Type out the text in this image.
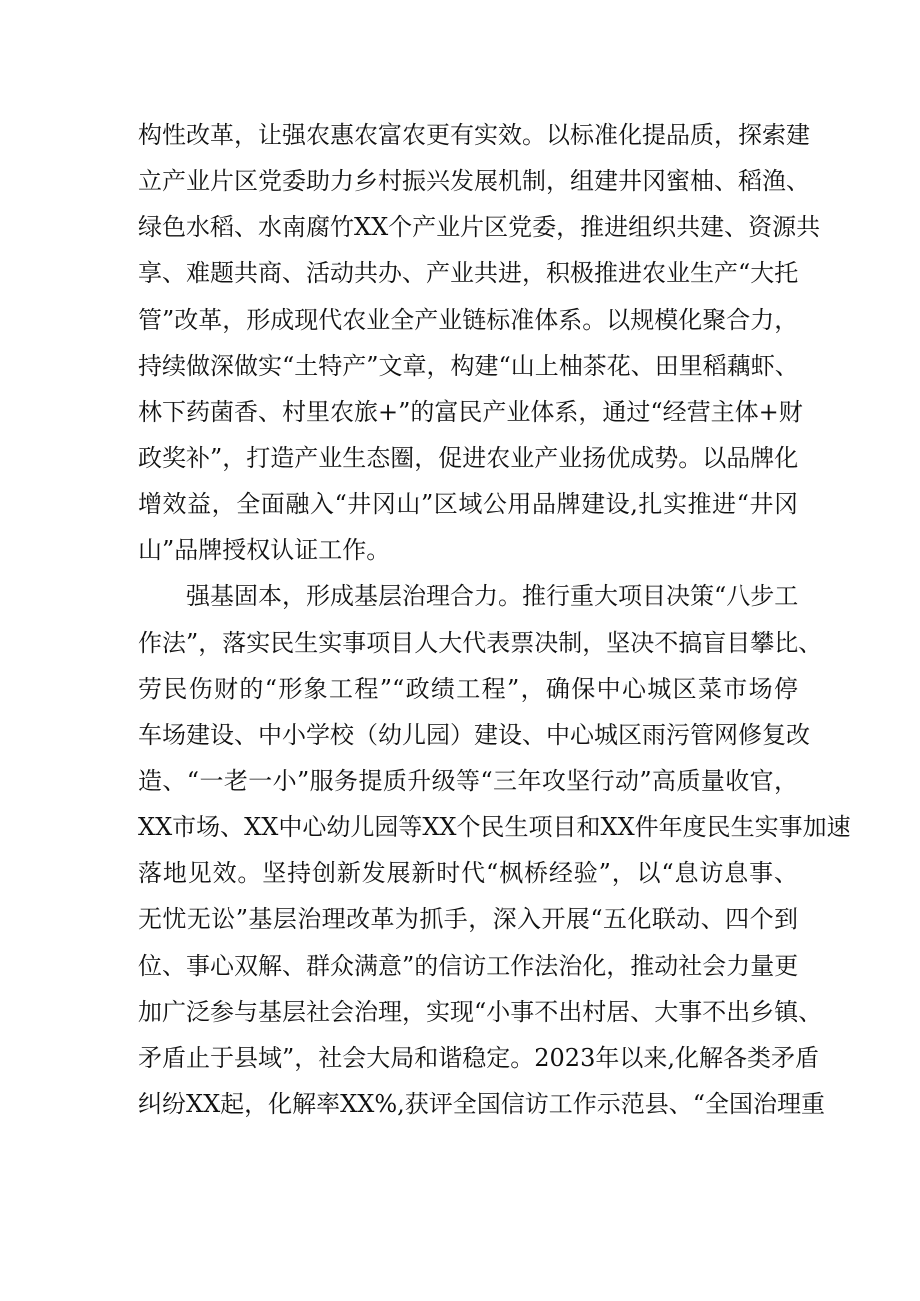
构性改革，让强农惠农富农更有实效。以标准化提品质，探索建
立产业片区党委助力乡村振兴发展机制，组建井冈蜜柚、稻渔、
绿色水稻、水南腐竹XX个产业片区党委，推进组织共建、资源共
享、难题共商、活动共办、产业共进，积极推进农业生产“大托
管”改革，形成现代农业全产业链标准体系。以规模化聚合力，
持续做深做实“土特产”文章，构建“山上柚茶花、田里稻藕虾、
林下药菌香、村里农旅+”的富民产业体系，通过“经营主体+财
政奖补”，打造产业生态圈，促进农业产业扬优成势。以品牌化
增效益，全面融入“井冈山”区域公用品牌建设,扎实推进“井冈
山”品牌授权认证工作。
强基固本，形成基层治理合力。推行重大项目决策“八步工
作法”，落实民生实事项目人大代表票决制，坚决不搞盲目攀比、
劳民伤财的“形象工程”“政绩工程”，确保中心城区菜市场停
车场建设、中小学校（幼儿园）建设、中心城区雨污管网修复改
造、“一老一小”服务提质升级等“三年攻坚行动”高质量收官，
XX市场、XX中心幼儿园等XX个民生项目和XX件年度民生实事加速
落地见效。坚持创新发展新时代“枫桥经验”，以“息访息事、
无忧无讼”基层治理改革为抓手，深入开展“五化联动、四个到
位、事心双解、群众满意”的信访工作法治化，推动社会力量更
加广泛参与基层社会治理，实现“小事不出村居、大事不出乡镇、
矛盾止于县域”，社会大局和谐稳定。2023年以来,化解各类矛盾
纠纷XX起，化解率XX%,获评全国信访工作示范县、“全国治理重
